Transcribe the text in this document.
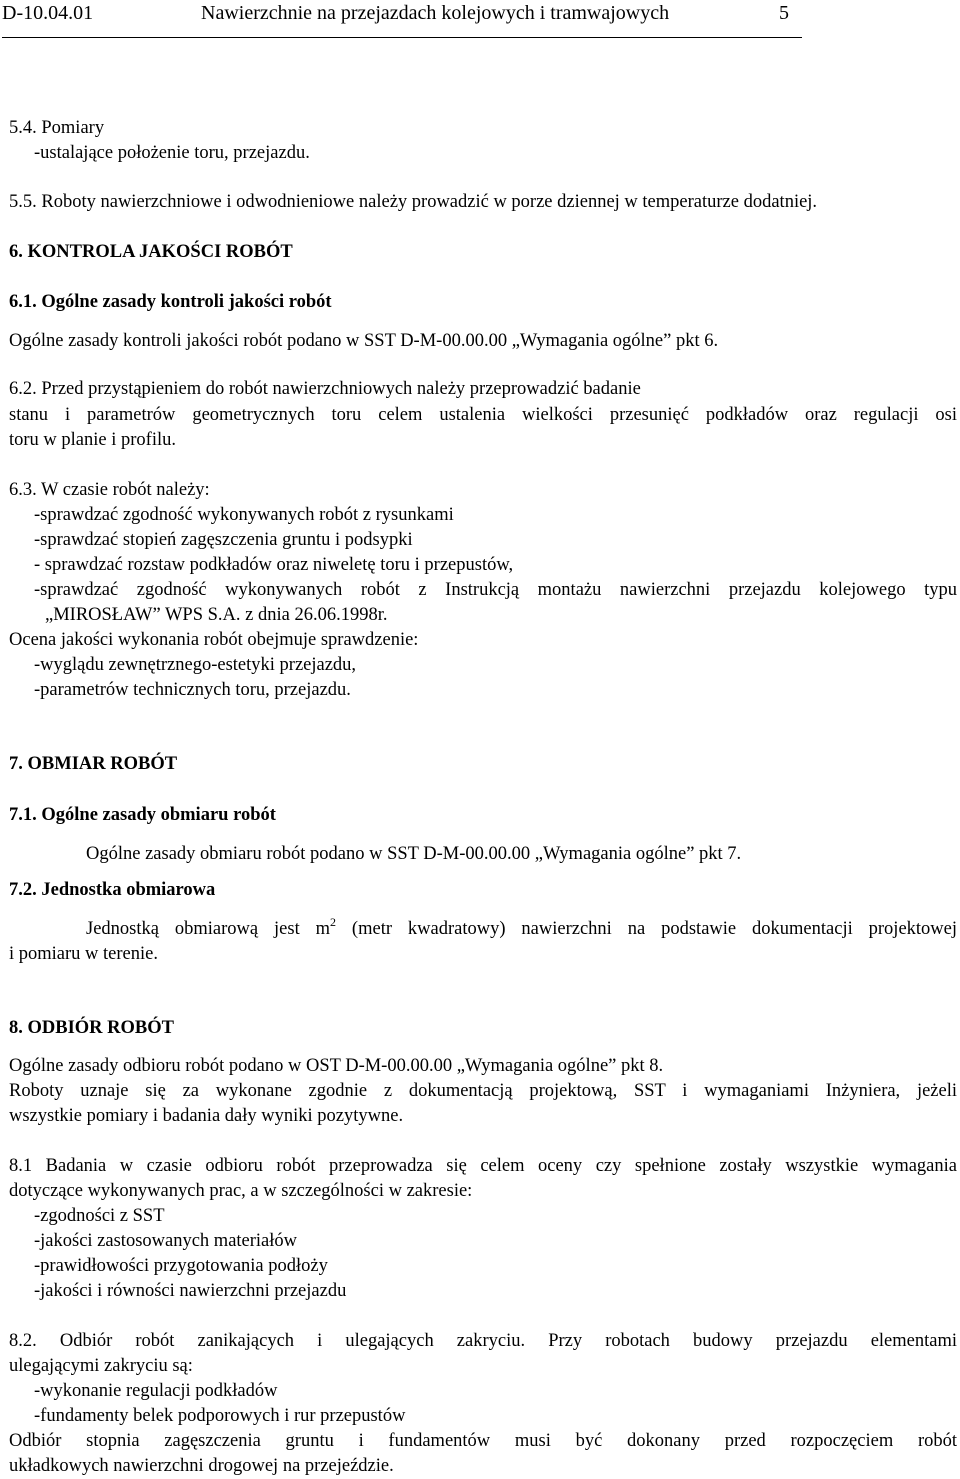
D-10.04.01	Nawierzchnie na przejazdach kolejowych i tramwajowych	5
5.4. Pomiary
-ustalające położenie toru, przejazdu.
5.5. Roboty nawierzchniowe i odwodnieniowe należy prowadzić w porze dziennej w temperaturze dodatniej.
6. KONTROLA JAKOŚCI ROBÓT
6.1. Ogólne zasady kontroli jakości robót
Ogólne zasady kontroli jakości robót podano w SST D-M-00.00.00 „Wymagania ogólne” pkt 6.
6.2. Przed przystąpieniem do robót nawierzchniowych należy przeprowadzić badanie
stanu i parametrów geometrycznych toru celem ustalenia wielkości przesunięć podkładów oraz regulacji osi
toru w planie i profilu.
6.3. W czasie robót należy:
-sprawdzać zgodność wykonywanych robót z rysunkami
-sprawdzać stopień zagęszczenia gruntu i podsypki
- sprawdzać rozstaw podkładów oraz niweletę toru i przepustów,
-sprawdzać zgodność wykonywanych robót z Instrukcją montażu nawierzchni przejazdu kolejowego typu
„MIROSŁAW” WPS S.A. z dnia 26.06.1998r.
Ocena jakości wykonania robót obejmuje sprawdzenie:
-wyglądu zewnętrznego-estetyki przejazdu,
-parametrów technicznych toru, przejazdu.
7. OBMIAR ROBÓT
7.1. Ogólne zasady obmiaru robót
Ogólne zasady obmiaru robót podano w SST D-M-00.00.00 „Wymagania ogólne” pkt 7.
7.2. Jednostka obmiarowa
Jednostką obmiarową jest $m^2$ (metr kwadratowy) nawierzchni na podstawie dokumentacji projektowej
i pomiaru w terenie.
8. ODBIÓR ROBÓT
Ogólne zasady odbioru robót podano w OST D-M-00.00.00 „Wymagania ogólne” pkt 8.
Roboty uznaje się za wykonane zgodnie z dokumentacją projektową, SST i wymaganiami Inżyniera, jeżeli
wszystkie pomiary i badania dały wyniki pozytywne.
8.1 Badania w czasie odbioru robót przeprowadza się celem oceny czy spełnione zostały wszystkie wymagania
dotyczące wykonywanych prac, a w szczególności w zakresie:
-zgodności z SST
-jakości zastosowanych materiałów
-prawidłowości przygotowania podłoży
-jakości i równości nawierzchni przejazdu
8.2. Odbiór robót zanikających i ulegających zakryciu. Przy robotach budowy przejazdu elementami
ulegającymi zakryciu są:
-wykonanie regulacji podkładów
-fundamenty belek podporowych i rur przepustów
Odbiór stopnia zagęszczenia gruntu i fundamentów musi być dokonany przed rozpoczęciem robót
układkowych nawierzchni drogowej na przejeździe.
